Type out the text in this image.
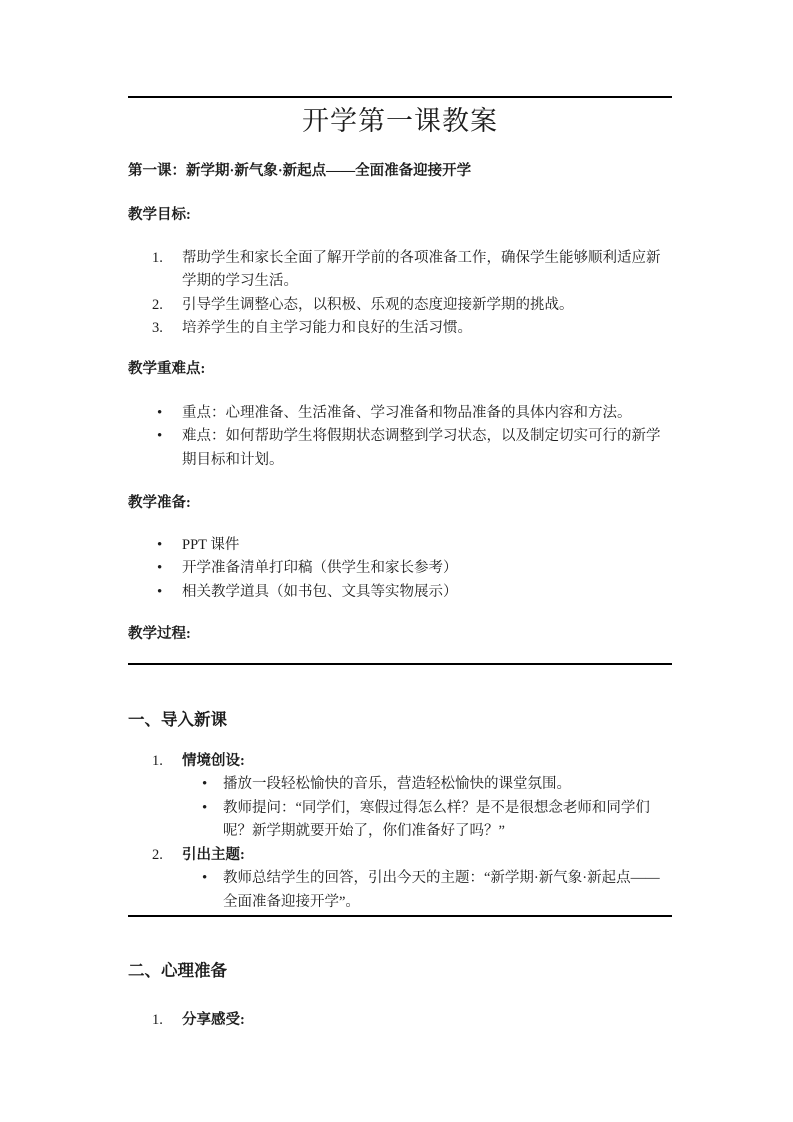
开学第一课教案

第一课：新学期·新气象·新起点——全面准备迎接开学

教学目标:

1. 帮助学生和家长全面了解开学前的各项准备工作，确保学生能够顺利适应新学期的学习生活。
2. 引导学生调整心态，以积极、乐观的态度迎接新学期的挑战。
3. 培养学生的自主学习能力和良好的生活习惯。

教学重难点:

• 重点：心理准备、生活准备、学习准备和物品准备的具体内容和方法。
• 难点：如何帮助学生将假期状态调整到学习状态，以及制定切实可行的新学期目标和计划。

教学准备:

• PPT 课件
• 开学准备清单打印稿（供学生和家长参考）
• 相关教学道具（如书包、文具等实物展示）

教学过程:

一、导入新课

1. 情境创设:
• 播放一段轻松愉快的音乐，营造轻松愉快的课堂氛围。
• 教师提问：“同学们，寒假过得怎么样？是不是很想念老师和同学们呢？新学期就要开始了，你们准备好了吗？”
2. 引出主题:
• 教师总结学生的回答，引出今天的主题：“新学期·新气象·新起点——全面准备迎接开学”。

二、心理准备

1. 分享感受:
